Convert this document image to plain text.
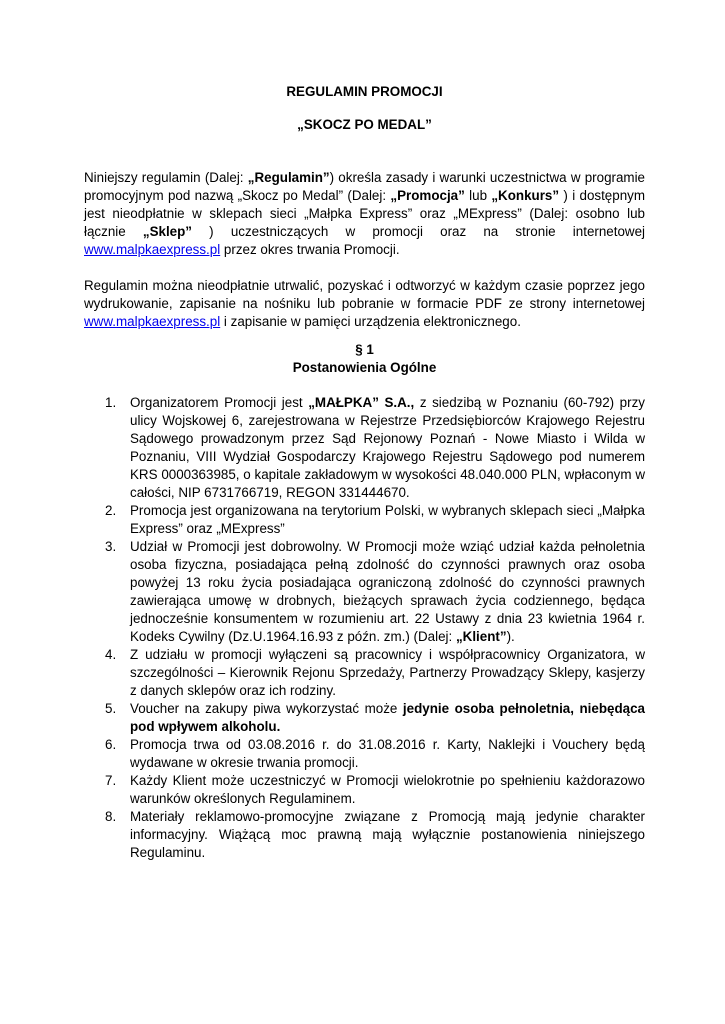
REGULAMIN PROMOCJI

„SKOCZ PO MEDAL”

Niniejszy regulamin (Dalej: „Regulamin”) określa zasady i warunki uczestnictwa w programie promocyjnym pod nazwą „Skocz po Medal” (Dalej: „Promocja” lub „Konkurs” ) i dostępnym jest nieodpłatnie w sklepach sieci „Małpka Express” oraz „MExpress” (Dalej: osobno lub łącznie „Sklep” ) uczestniczących w promocji oraz na stronie internetowej www.malpkaexpress.pl przez okres trwania Promocji.

Regulamin można nieodpłatnie utrwalić, pozyskać i odtworzyć w każdym czasie poprzez jego wydrukowanie, zapisanie na nośniku lub pobranie w formacie PDF ze strony internetowej www.malpkaexpress.pl i zapisanie w pamięci urządzenia elektronicznego.

§ 1
Postanowienia Ogólne
1. Organizatorem Promocji jest „MAŁPKA” S.A., z siedzibą w Poznaniu (60-792) przy ulicy Wojskowej 6, zarejestrowana w Rejestrze Przedsiębiorców Krajowego Rejestru Sądowego prowadzonym przez Sąd Rejonowy Poznań - Nowe Miasto i Wilda w Poznaniu, VIII Wydział Gospodarczy Krajowego Rejestru Sądowego pod numerem KRS 0000363985, o kapitale zakładowym w wysokości 48.040.000 PLN, wpłaconym w całości, NIP 6731766719, REGON 331444670.
2. Promocja jest organizowana na terytorium Polski, w wybranych sklepach sieci „Małpka Express” oraz „MExpress”
3. Udział w Promocji jest dobrowolny. W Promocji może wziąć udział każda pełnoletnia osoba fizyczna, posiadająca pełną zdolność do czynności prawnych oraz osoba powyżej 13 roku życia posiadająca ograniczoną zdolność do czynności prawnych zawierająca umowę w drobnych, bieżących sprawach życia codziennego, będąca jednocześnie konsumentem w rozumieniu art. 22 Ustawy z dnia 23 kwietnia 1964 r. Kodeks Cywilny (Dz.U.1964.16.93 z późn. zm.) (Dalej: „Klient”).
4. Z udziału w promocji wyłączeni są pracownicy i współpracownicy Organizatora, w szczególności – Kierownik Rejonu Sprzedaży, Partnerzy Prowadzący Sklepy, kasjerzy z danych sklepów oraz ich rodziny.
5. Voucher na zakupy piwa wykorzystać może jedynie osoba pełnoletnia, niebędąca pod wpływem alkoholu.
6. Promocja trwa od 03.08.2016 r. do 31.08.2016 r. Karty, Naklejki i Vouchery będą wydawane w okresie trwania promocji.
7. Każdy Klient może uczestniczyć w Promocji wielokrotnie po spełnieniu każdorazowo warunków określonych Regulaminem.
8. Materiały reklamowo-promocyjne związane z Promocją mają jedynie charakter informacyjny. Wiążącą moc prawną mają wyłącznie postanowienia niniejszego Regulaminu.
